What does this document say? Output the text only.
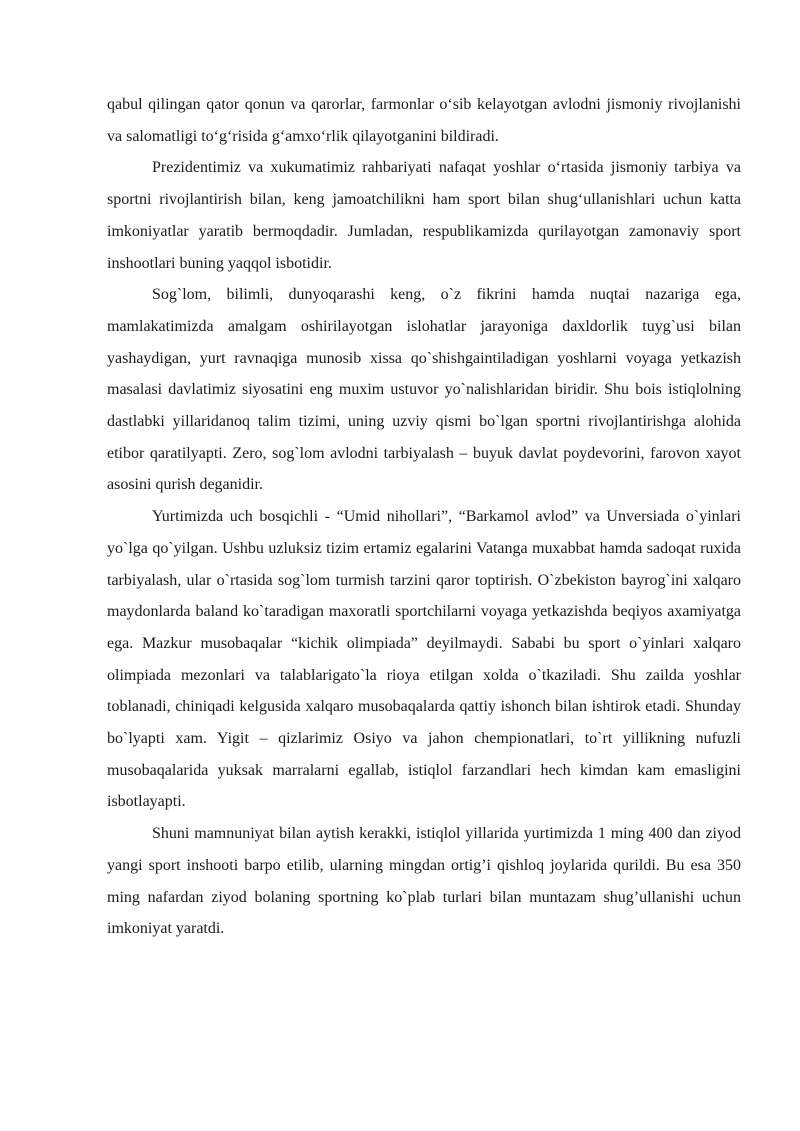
qabul qilingan qator qonun va qarorlar, farmonlar o‘sib kelayotgan avlodni jismoniy rivojlanishi va salomatligi to‘g‘risida g‘amxo‘rlik qilayotganini bildiradi.

Prezidentimiz va xukumatimiz rahbariyati nafaqat yoshlar o‘rtasida jismoniy tarbiya va sportni rivojlantirish bilan, keng jamoatchilikni ham sport bilan shug‘ullanishlari uchun katta imkoniyatlar yaratib bermoqdadir. Jumladan, respublikamizda qurilayotgan zamonaviy sport inshootlari buning yaqqol isbotidir.

Sog`lom, bilimli, dunyoqarashi keng, o`z fikrini hamda nuqtai nazariga ega, mamlakatimizda amalgam oshirilayotgan islohatlar jarayoniga daxldorlik tuyg`usi bilan yashaydigan, yurt ravnaqiga munosib xissa qo`shishgaintiladigan yoshlarni voyaga yetkazish masalasi davlatimiz siyosatini eng muxim ustuvor yo`nalishlaridan biridir. Shu bois istiqlolning dastlabki yillaridanoq talim tizimi, uning uzviy qismi bo`lgan sportni rivojlantirishga alohida etibor qaratilyapti. Zero, sog`lom avlodni tarbiyalash – buyuk davlat poydevorini, farovon xayot asosini qurish deganidir.

Yurtimizda uch bosqichli - “Umid nihollari”, “Barkamol avlod” va Unversiada o`yinlari yo`lga qo`yilgan. Ushbu uzluksiz tizim ertamiz egalarini Vatanga muxabbat hamda sadoqat ruxida tarbiyalash, ular o`rtasida sog`lom turmish tarzini qaror toptirish. O`zbekiston bayrog`ini xalqaro maydonlarda baland ko`taradigan maxoratli sportchilarni voyaga yetkazishda beqiyos axamiyatga ega. Mazkur musobaqalar “kichik olimpiada” deyilmaydi. Sababi bu sport o`yinlari xalqaro olimpiada mezonlari va talablarigato`la rioya etilgan xolda o`tkaziladi. Shu zailda yoshlar toblanadi, chiniqadi kelgusida xalqaro musobaqalarda qattiy ishonch bilan ishtirok etadi. Shunday bo`lyapti xam. Yigit – qizlarimiz Osiyo va jahon chempionatlari, to`rt yillikning nufuzli musobaqalarida yuksak marralarni egallab, istiqlol farzandlari hech kimdan kam emasligini isbotlayapti.

Shuni mamnuniyat bilan aytish kerakki, istiqlol yillarida yurtimizda 1 ming 400 dan ziyod yangi sport inshooti barpo etilib, ularning mingdan ortig’i qishloq joylarida qurildi. Bu esa 350 ming nafardan ziyod bolaning sportning ko`plab turlari bilan muntazam shug’ullanishi uchun imkoniyat yaratdi.
